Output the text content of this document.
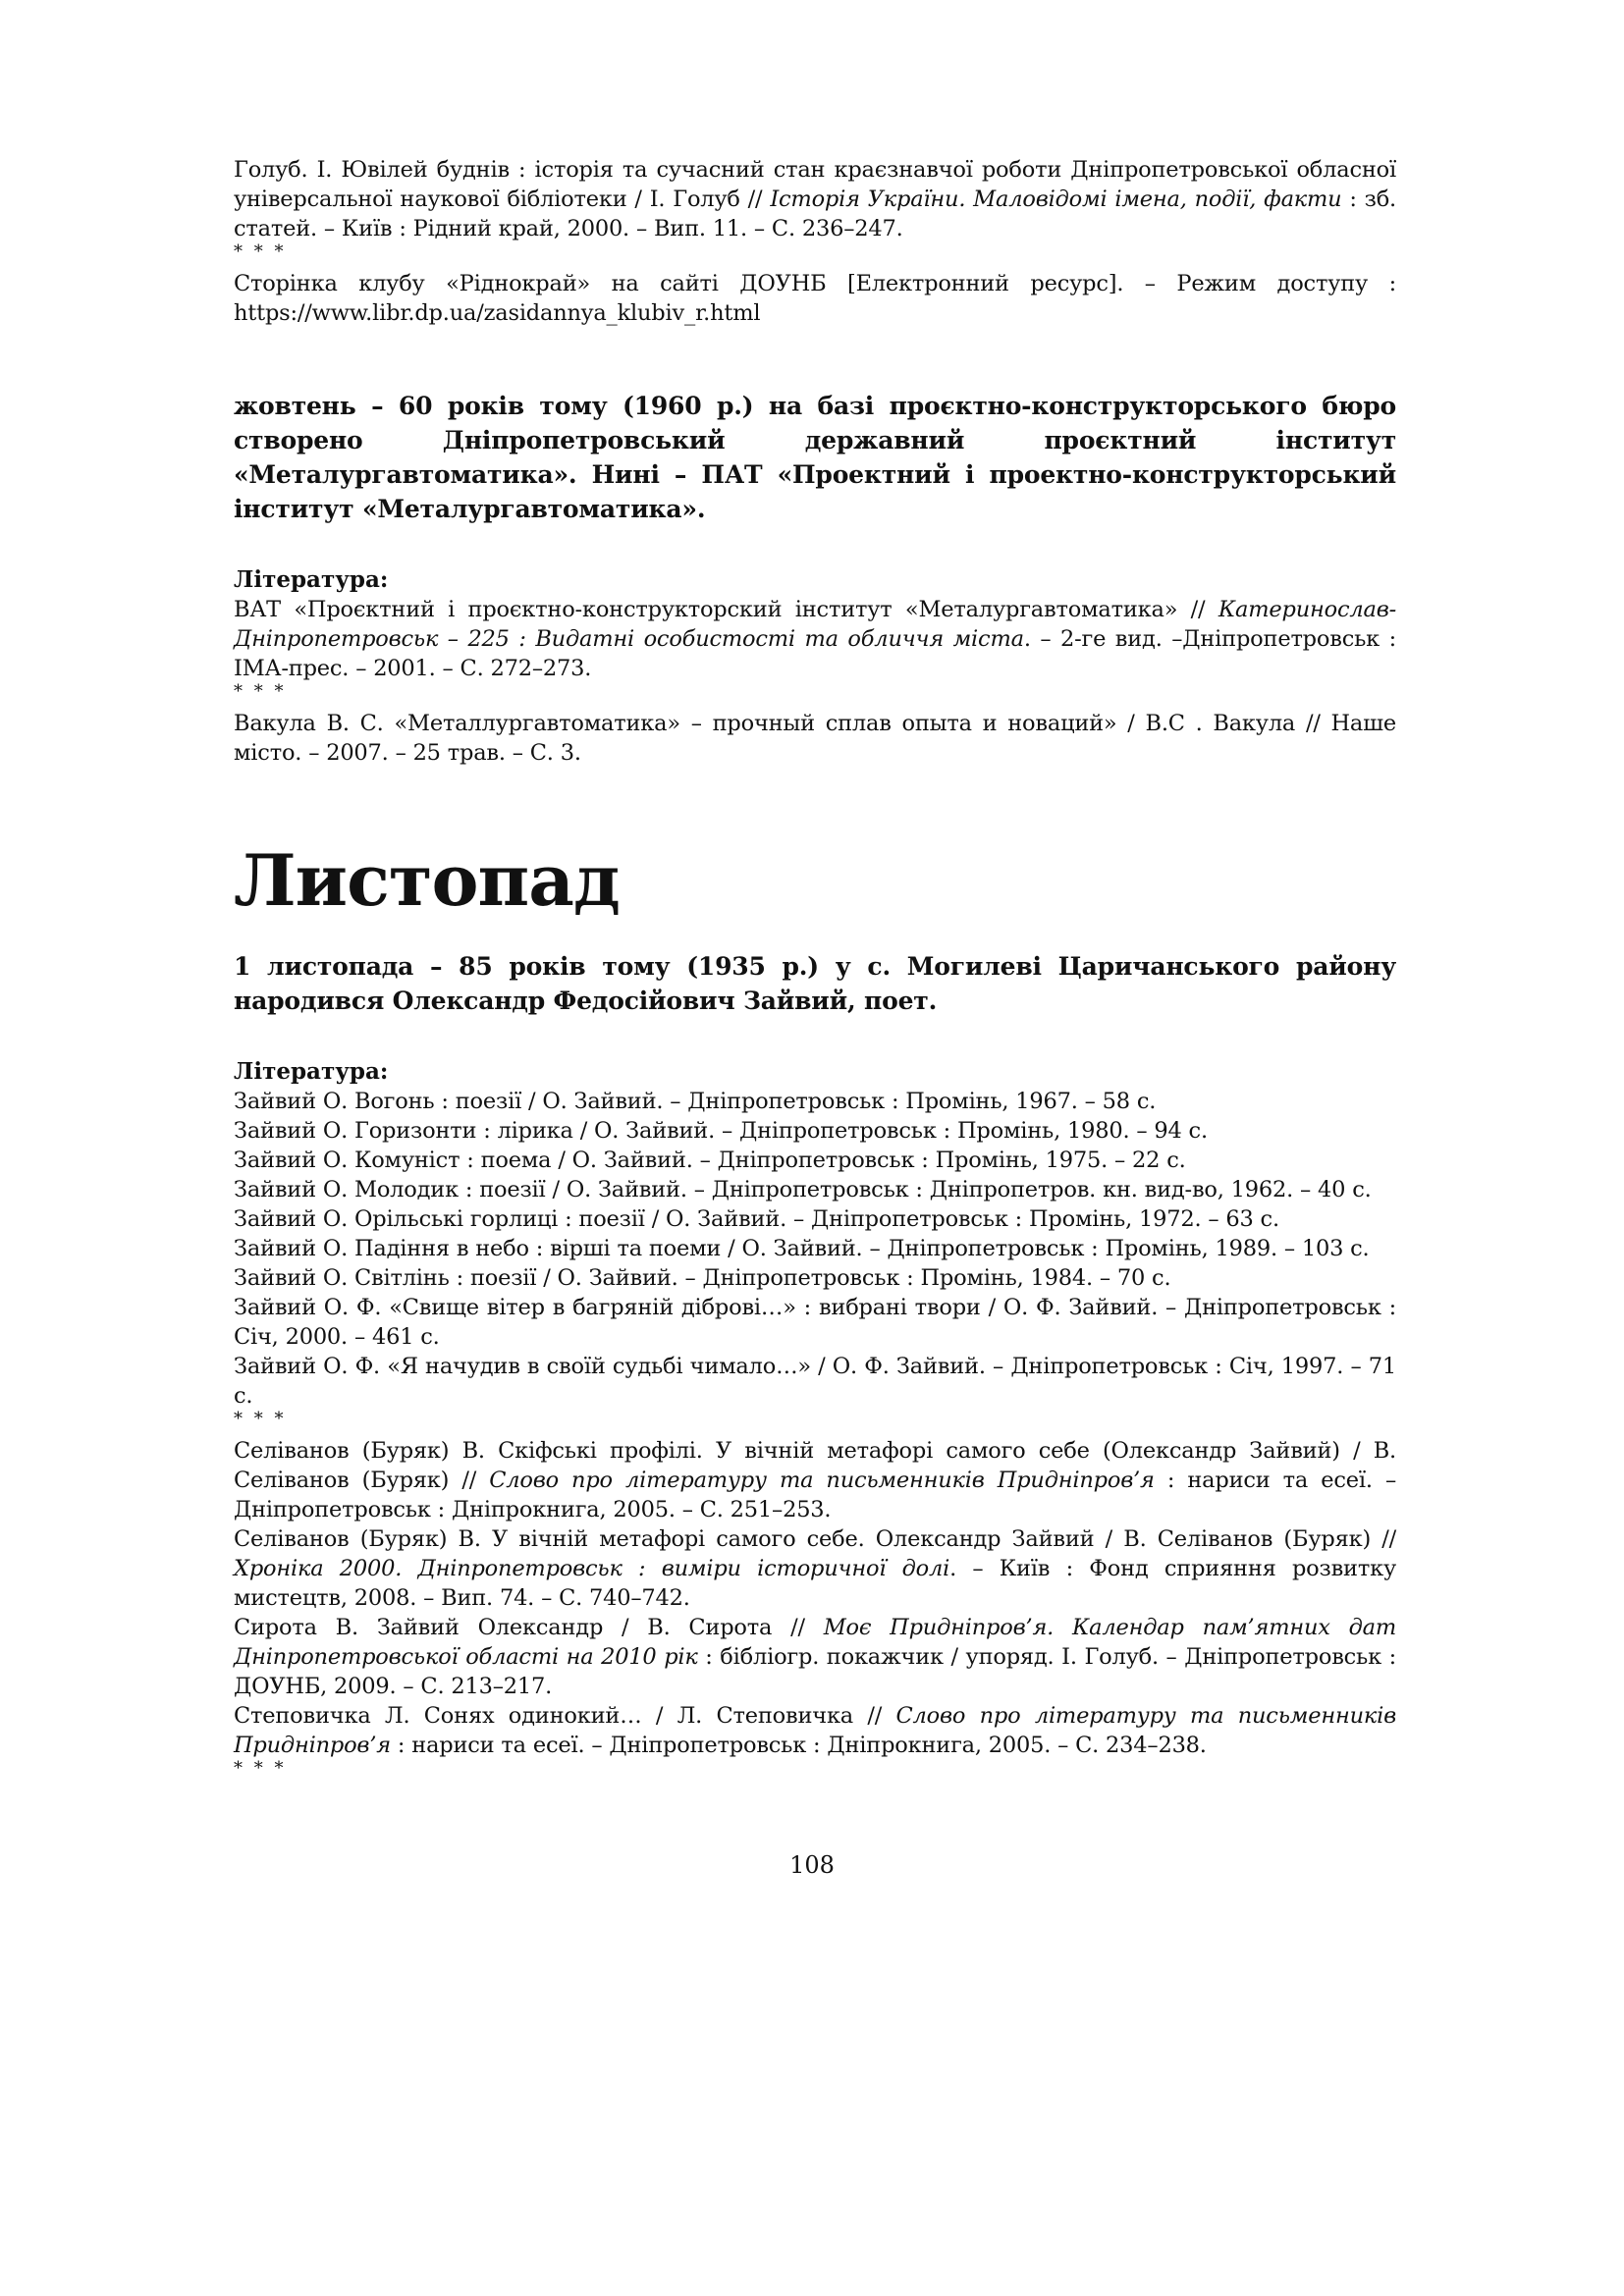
Голуб. І. Ювілей буднів : історія та сучасний стан краєзнавчої роботи Дніпропетровської обласної універсальної наукової бібліотеки / І. Голуб // Історія України. Маловідомі імена, події, факти : зб. статей. – Київ : Рідний край, 2000. – Вип. 11. – С. 236–247.

* * *

Сторінка клубу «Ріднокрай» на сайті ДОУНБ [Електронний ресурс]. – Режим доступу : https://www.libr.dp.ua/zasidannya_klubiv_r.html

жовтень – 60 років тому (1960 р.) на базі проєктно-конструкторського бюро створено Дніпропетровський державний проєктний інститут «Металургавтоматика». Нині – ПАТ «Проектний і проектно-конструкторський інститут «Металургавтоматика».

Література:

ВАТ «Проєктний і проєктно-конструкторский інститут «Металургавтоматика» // Катеринослав-Дніпропетровськ – 225 : Видатні особистості та обличчя міста. – 2-ге вид. –Дніпропетровськ : ІМА-прес. – 2001. – С. 272–273.

* * *

Вакула В. С. «Металлургавтоматика» – прочный сплав опыта и новаций» / В.С . Вакула // Наше місто. – 2007. – 25 трав. – С. 3.

Листопад

1 листопада – 85 років тому (1935 р.) у с. Могилеві Царичанського району народився Олександр Федосійович Зайвий, поет.

Література:

Зайвий О. Вогонь : поезії / О. Зайвий. – Дніпропетровськ : Промінь, 1967. – 58 с.

Зайвий О. Горизонти : лірика / О. Зайвий. – Дніпропетровськ : Промінь, 1980. – 94 с.

Зайвий О. Комуніст : поема / О. Зайвий. – Дніпропетровськ : Промінь, 1975. – 22 с.

Зайвий О. Молодик : поезії / О. Зайвий. – Дніпропетровськ : Дніпропетров. кн. вид-во, 1962. – 40 с.

Зайвий О. Орільські горлиці : поезії / О. Зайвий. – Дніпропетровськ : Промінь, 1972. – 63 с.

Зайвий О. Падіння в небо : вірші та поеми / О. Зайвий. – Дніпропетровськ : Промінь, 1989. – 103 с.

Зайвий О. Світлінь : поезії / О. Зайвий. – Дніпропетровськ : Промінь, 1984. – 70 с.

Зайвий О. Ф. «Свище вітер в багряній діброві…» : вибрані твори / О. Ф. Зайвий. – Дніпропетровськ : Січ, 2000. – 461 с.

Зайвий О. Ф. «Я начудив в своїй судьбі чимало…» / О. Ф. Зайвий. – Дніпропетровськ : Січ, 1997. – 71 с.

* * *

Селіванов (Буряк) В. Скіфські профілі. У вічній метафорі самого себе (Олександр Зайвий) / В. Селіванов (Буряк) // Слово про літературу та письменників Придніпров’я : нариси та есеї. – Дніпропетровськ : Дніпрокнига, 2005. – С. 251–253.

Селіванов (Буряк) В. У вічній метафорі самого себе. Олександр Зайвий / В. Селіванов (Буряк) // Хроніка 2000. Дніпропетровськ : виміри історичної долі. – Київ : Фонд сприяння розвитку мистецтв, 2008. – Вип. 74. – С. 740–742.

Сирота В. Зайвий Олександр / В. Сирота // Моє Придніпров’я. Календар пам’ятних дат Дніпропетровської області на 2010 рік : бібліогр. покажчик / упоряд. І. Голуб. – Дніпропетровськ : ДОУНБ, 2009. – С. 213–217.

Степовичка Л. Сонях одинокий… / Л. Степовичка // Слово про літературу та письменників Придніпров’я : нариси та есеї. – Дніпропетровськ : Дніпрокнига, 2005. – С. 234–238.

* * *

108
